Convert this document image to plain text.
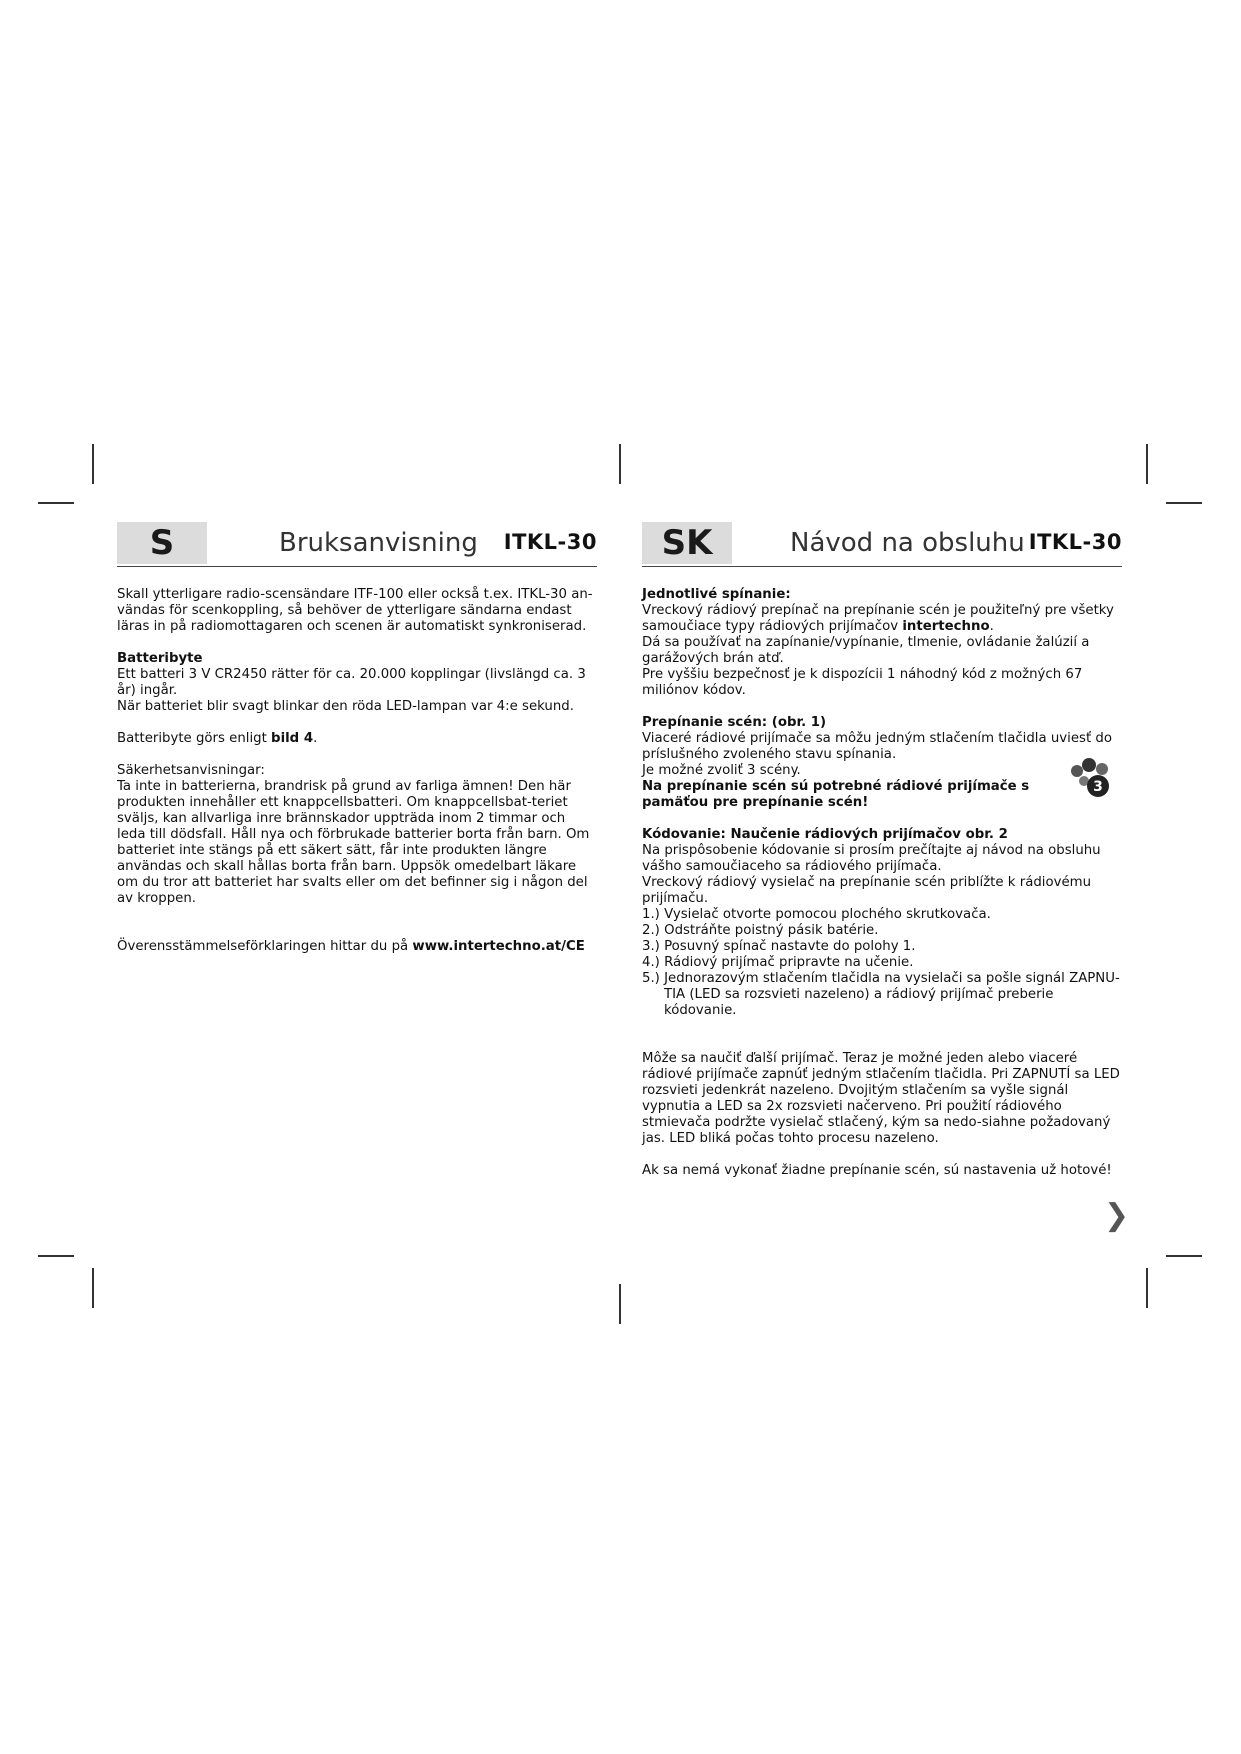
S	Bruksanvisning ITKL-30

Skall ytterligare radio-scensändare ITF-100 eller också t.ex. ITKL-30 an-vändas för scenkoppling, så behöver de ytterligare sändarna endast läras in på radiomottagaren och scenen är automatiskt synkroniserad.

Batteribyte

Ett batteri 3 V CR2450 rätter för ca. 20.000 kopplingar (livslängd ca. 3 år) ingår.

När batteriet blir svagt blinkar den röda LED-lampan var 4:e sekund.

Batteribyte görs enligt bild 4.

Säkerhetsanvisningar:

Ta inte in batterierna, brandrisk på grund av farliga ämnen! Den här produkten innehåller ett knappcellsbatteri. Om knappcellsbat-teriet sväljs, kan allvarliga inre brännskador uppträda inom 2 timmar och leda till dödsfall. Håll nya och förbrukade batterier borta från barn. Om batteriet inte stängs på ett säkert sätt, får inte produkten längre användas och skall hållas borta från barn. Uppsök omedelbart läkare om du tror att batteriet har svalts eller om det befinner sig i någon del av kroppen.

Överensstämmelseförklaringen hittar du på www.intertechno.at/CE

SK	Návod na obsluhu ITKL-30

Jednotlivé spínanie:

Vreckový rádiový prepínač na prepínanie scén je použiteľný pre všetky samoučiace typy rádiových prijímačov intertechno.

Dá sa používať na zapínanie/vypínanie, tlmenie, ovládanie žalúzií a garážových brán atď.

Pre vyššiu bezpečnosť je k dispozícii 1 náhodný kód z možných 67 miliónov kódov.

Prepínanie scén: (obr. 1)

Viaceré rádiové prijímače sa môžu jedným stlačením tlačidla uviesť do príslušného zvoleného stavu spínania.

Je možné zvoliť 3 scény.

Na prepínanie scén sú potrebné rádiové prijímače s pamäťou pre prepínanie scén!

3

Kódovanie: Naučenie rádiových prijímačov obr. 2

Na prispôsobenie kódovanie si prosím prečítajte aj návod na obsluhu vášho samoučiaceho sa rádiového prijímača.

Vreckový rádiový vysielač na prepínanie scén priblížte k rádiovému prijímaču.

1.) Vysielač otvorte pomocou plochého skrutkovača.
2.) Odstráňte poistný pásik batérie.
3.) Posuvný spínač nastavte do polohy 1.
4.) Rádiový prijímač pripravte na učenie.
5.) Jednorazovým stlačením tlačidla na vysielači sa pošle signál ZAPNU-TIA (LED sa rozsvieti nazeleno) a rádiový prijímač preberie kódovanie.

Môže sa naučiť ďalší prijímač. Teraz je možné jeden alebo viaceré rádiové prijímače zapnúť jedným stlačením tlačidla. Pri ZAPNUTÍ sa LED rozsvieti jedenkrát nazeleno. Dvojitým stlačením sa vyšle signál vypnutia a LED sa 2x rozsvieti načerveno. Pri použití rádiového stmievača podržte vysielač stlačený, kým sa nedo-siahne požadovaný jas. LED bliká počas tohto procesu nazeleno.

Ak sa nemá vykonať žiadne prepínanie scén, sú nastavenia už hotové!

❯
